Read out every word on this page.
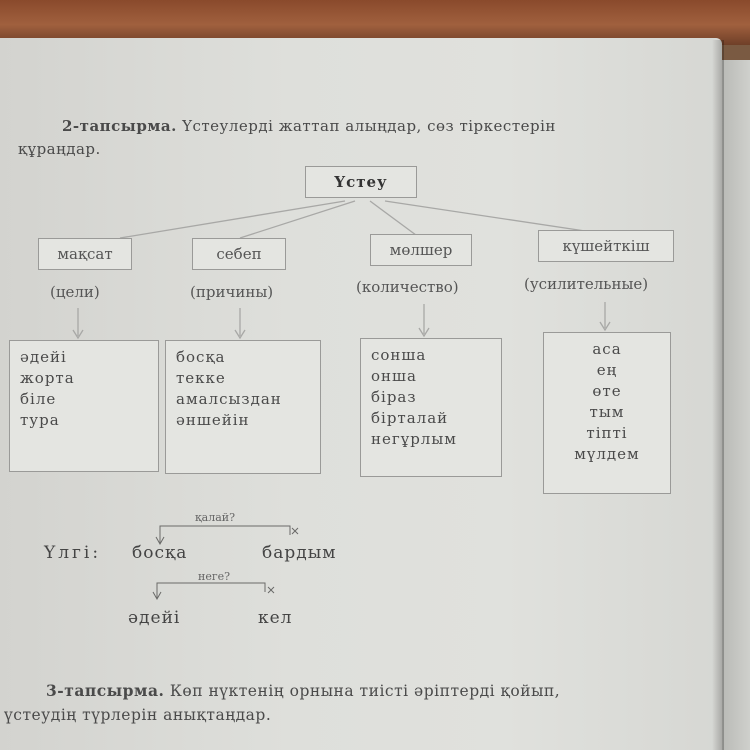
2-тапсырма. Үстеулерді жаттап алыңдар, сөз тіркестерін
құраңдар.
Үстеу
мақсат	себеп	мөлшер	күшейткіш
(цели)	(причины)	(количество)	(усилительные)
әдейі
жорта
біле
тура
босқа
текке
амалсыздан
әншейін
сонша
онша
біраз
бірталай
негұрлым
аса
ең
өте
тым
тіпті
мүлдем
қалай?
Үлгі: босқа	бардым
неге?
әдейі	кел
3-тапсырма. Көп нүктенің орнына тиісті әріптерді қойып,
үстеудің түрлерін анықтаңдар.
